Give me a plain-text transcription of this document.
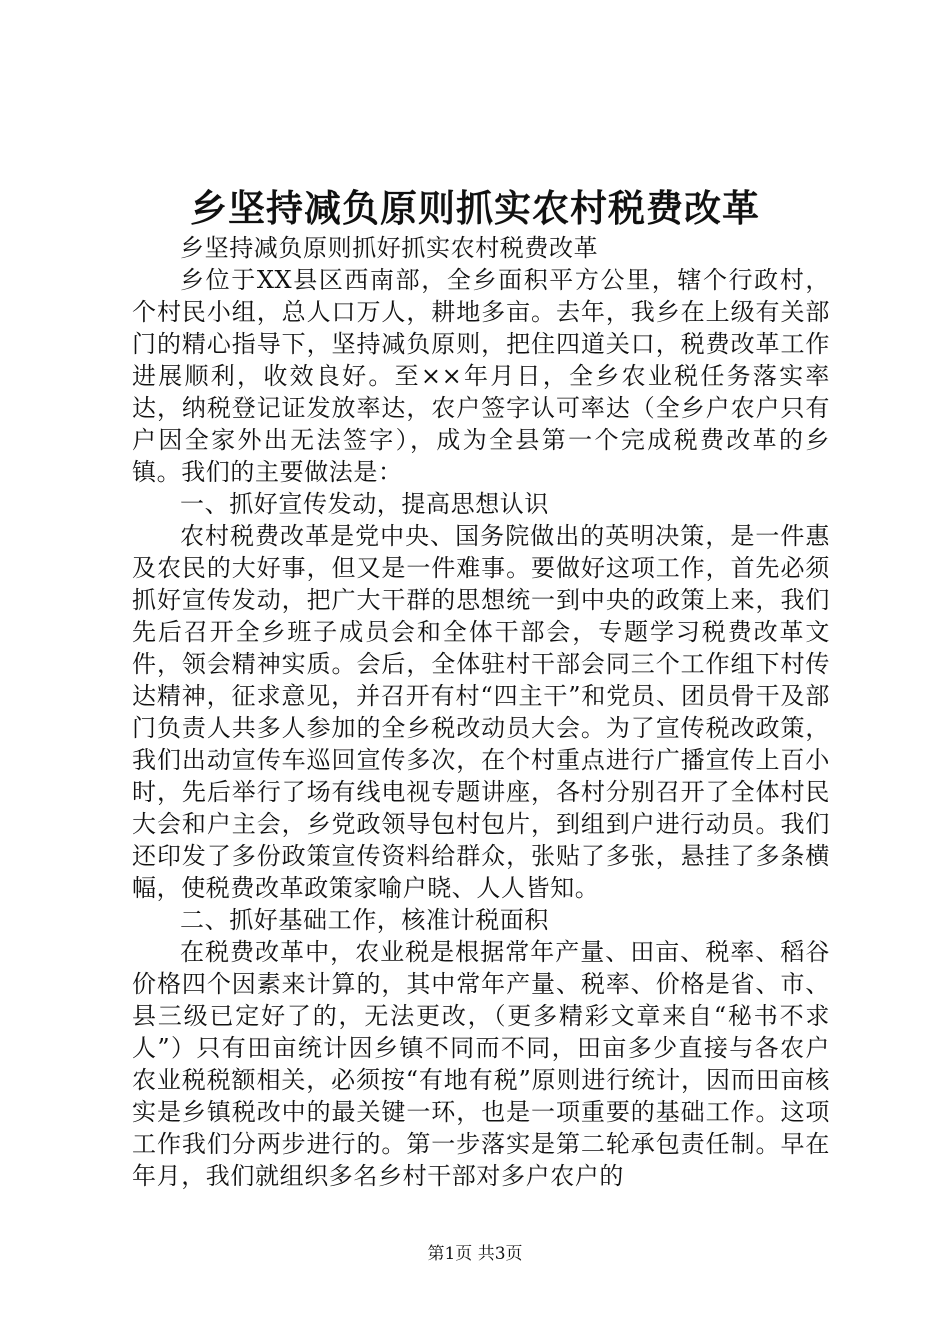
乡坚持减负原则抓实农村税费改革

乡坚持减负原则抓好抓实农村税费改革

乡位于XX县区西南部，全乡面积平方公里，辖个行政村，个村民小组，总人口万人，耕地多亩。去年，我乡在上级有关部门的精心指导下，坚持减负原则，把住四道关口，税费改革工作进展顺利，收效良好。至××年月日，全乡农业税任务落实率达，纳税登记证发放率达，农户签字认可率达（全乡户农户只有户因全家外出无法签字），成为全县第一个完成税费改革的乡镇。我们的主要做法是：

一、抓好宣传发动，提高思想认识

农村税费改革是党中央、国务院做出的英明决策，是一件惠及农民的大好事，但又是一件难事。要做好这项工作，首先必须抓好宣传发动，把广大干群的思想统一到中央的政策上来，我们先后召开全乡班子成员会和全体干部会，专题学习税费改革文件，领会精神实质。会后，全体驻村干部会同三个工作组下村传达精神，征求意见，并召开有村“四主干”和党员、团员骨干及部门负责人共多人参加的全乡税改动员大会。为了宣传税改政策，我们出动宣传车巡回宣传多次，在个村重点进行广播宣传上百小时，先后举行了场有线电视专题讲座，各村分别召开了全体村民大会和户主会，乡党政领导包村包片，到组到户进行动员。我们还印发了多份政策宣传资料给群众，张贴了多张，悬挂了多条横幅，使税费改革政策家喻户晓、人人皆知。

二、抓好基础工作，核准计税面积

在税费改革中，农业税是根据常年产量、田亩、税率、稻谷价格四个因素来计算的，其中常年产量、税率、价格是省、市、县三级已定好了的，无法更改，（更多精彩文章来自“秘书不求人”）只有田亩统计因乡镇不同而不同，田亩多少直接与各农户农业税税额相关，必须按“有地有税”原则进行统计，因而田亩核实是乡镇税改中的最关键一环，也是一项重要的基础工作。这项工作我们分两步进行的。第一步落实是第二轮承包责任制。早在年月，我们就组织多名乡村干部对多户农户的

第1页 共3页
